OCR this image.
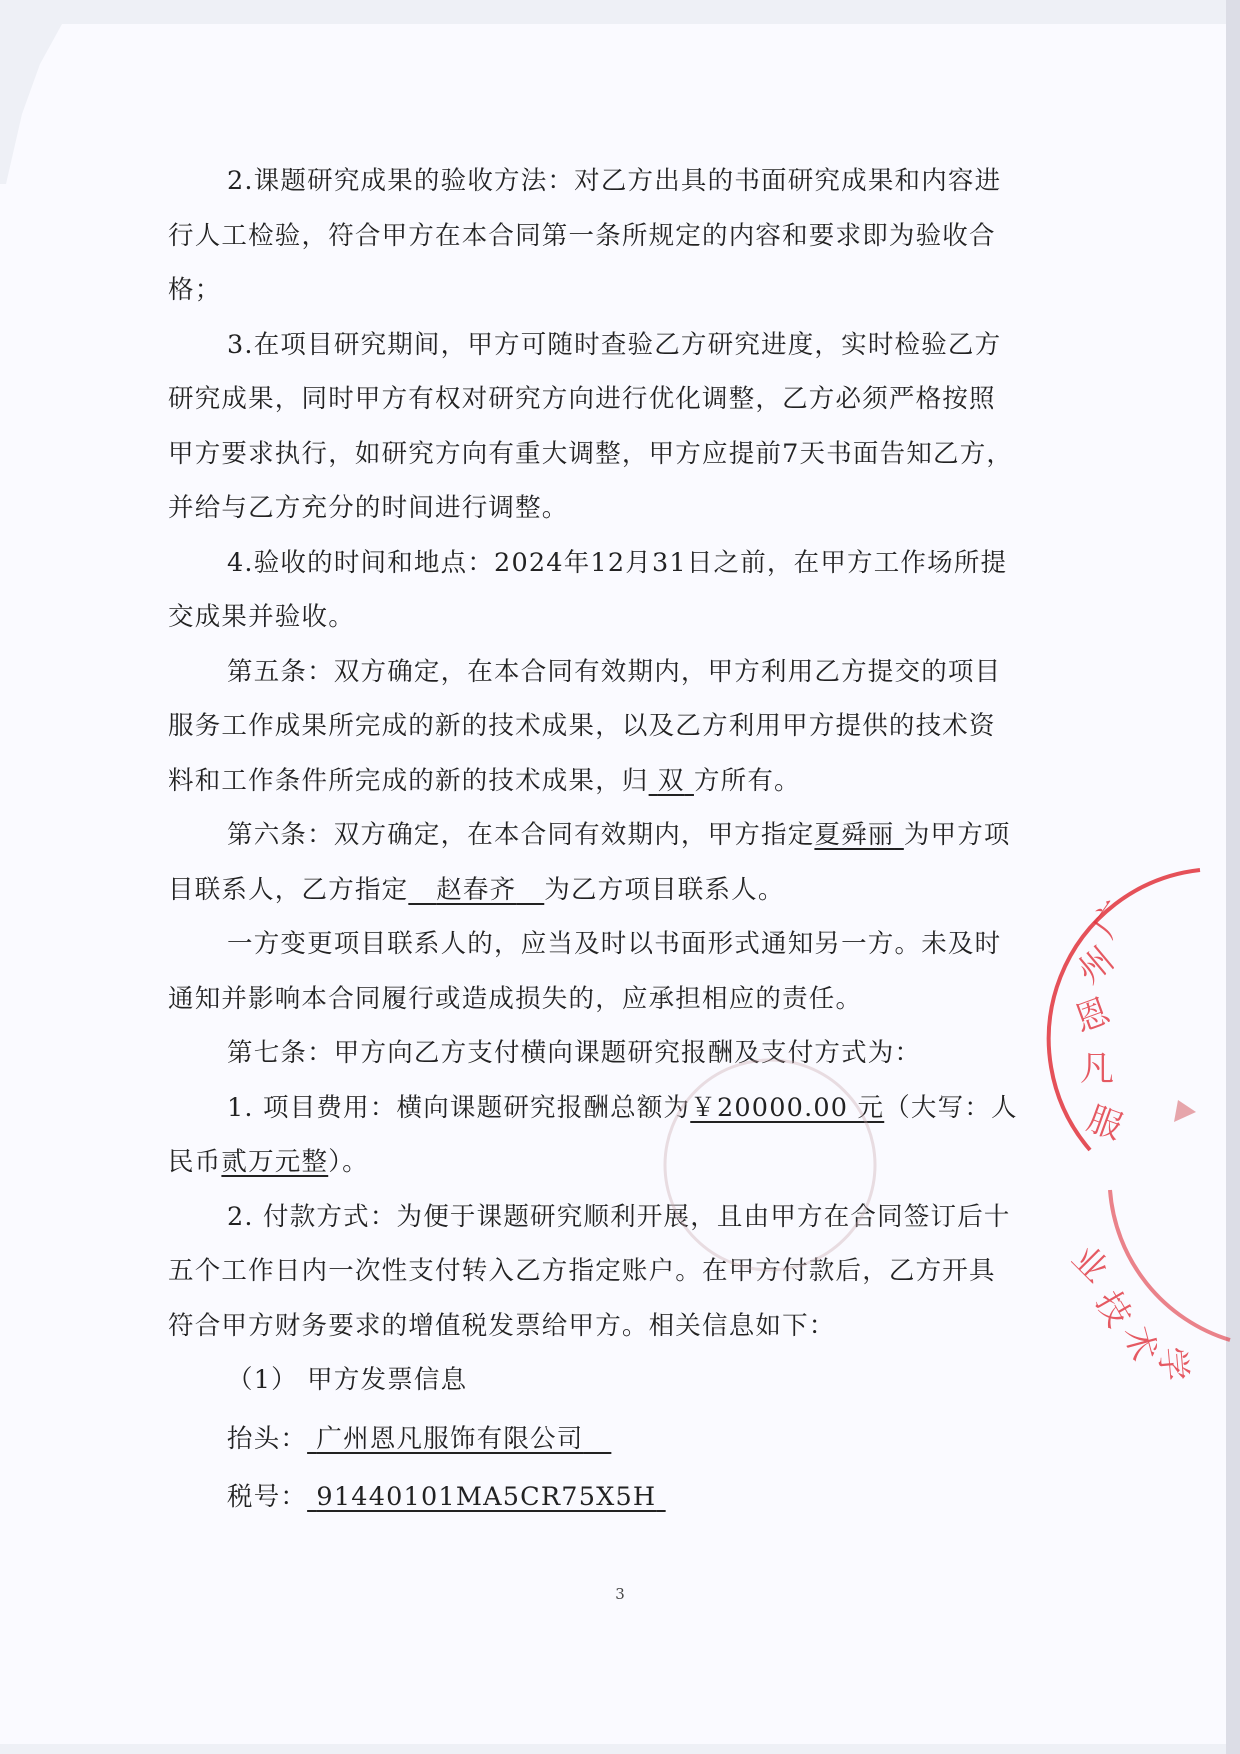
2.课题研究成果的验收方法：对乙方出具的书面研究成果和内容进行人工检验，符合甲方在本合同第一条所规定的内容和要求即为验收合格；

3.在项目研究期间，甲方可随时查验乙方研究进度，实时检验乙方研究成果，同时甲方有权对研究方向进行优化调整，乙方必须严格按照甲方要求执行，如研究方向有重大调整，甲方应提前7天书面告知乙方，并给与乙方充分的时间进行调整。

4.验收的时间和地点：2024年12月31日之前，在甲方工作场所提交成果并验收。

第五条：双方确定，在本合同有效期内，甲方利用乙方提交的项目服务工作成果所完成的新的技术成果，以及乙方利用甲方提供的技术资料和工作条件所完成的新的技术成果，归 双 方所有。

第六条：双方确定，在本合同有效期内，甲方指定夏舜丽 为甲方项目联系人，乙方指定 赵春齐 为乙方项目联系人。

一方变更项目联系人的，应当及时以书面形式通知另一方。未及时通知并影响本合同履行或造成损失的，应承担相应的责任。

第七条：甲方向乙方支付横向课题研究报酬及支付方式为：

1. 项目费用：横向课题研究报酬总额为￥20000.00 元（大写：人民币贰万元整）。

2. 付款方式：为便于课题研究顺利开展，且由甲方在合同签订后十五个工作日内一次性支付转入乙方指定账户。在甲方付款后，乙方开具符合甲方财务要求的增值税发票给甲方。相关信息如下：

（1） 甲方发票信息

抬头： 广州恩凡服饰有限公司

税号： 91440101MA5CR75X5H

3
广
州
恩
凡
服
业
技
术
学
